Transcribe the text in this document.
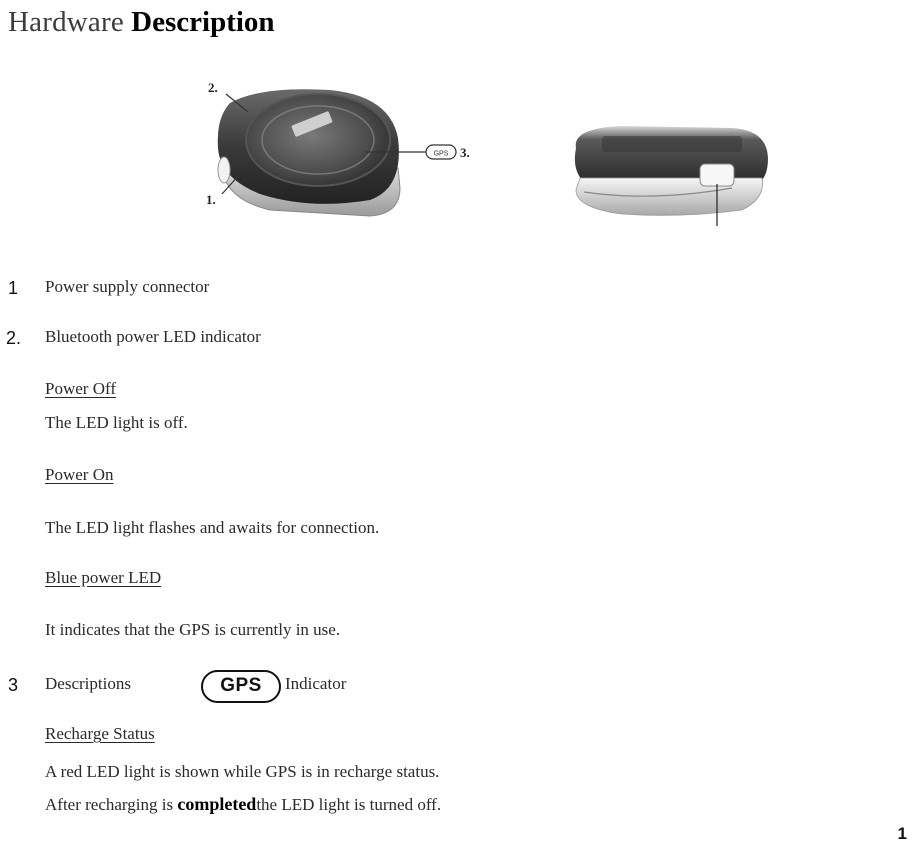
Hardware Description
GPS
2.
1.
3.
1 Power supply connector
2. Bluetooth power LED indicator
Power Off
The LED light is off.
Power On
The LED light flashes and awaits for connection.
Blue power LED
It indicates that the GPS is currently in use.
3 Descriptions	GPS	Indicator
Recharge Status
A red LED light is shown while GPS is in recharge status.
After recharging is completedthe LED light is turned off.
1
